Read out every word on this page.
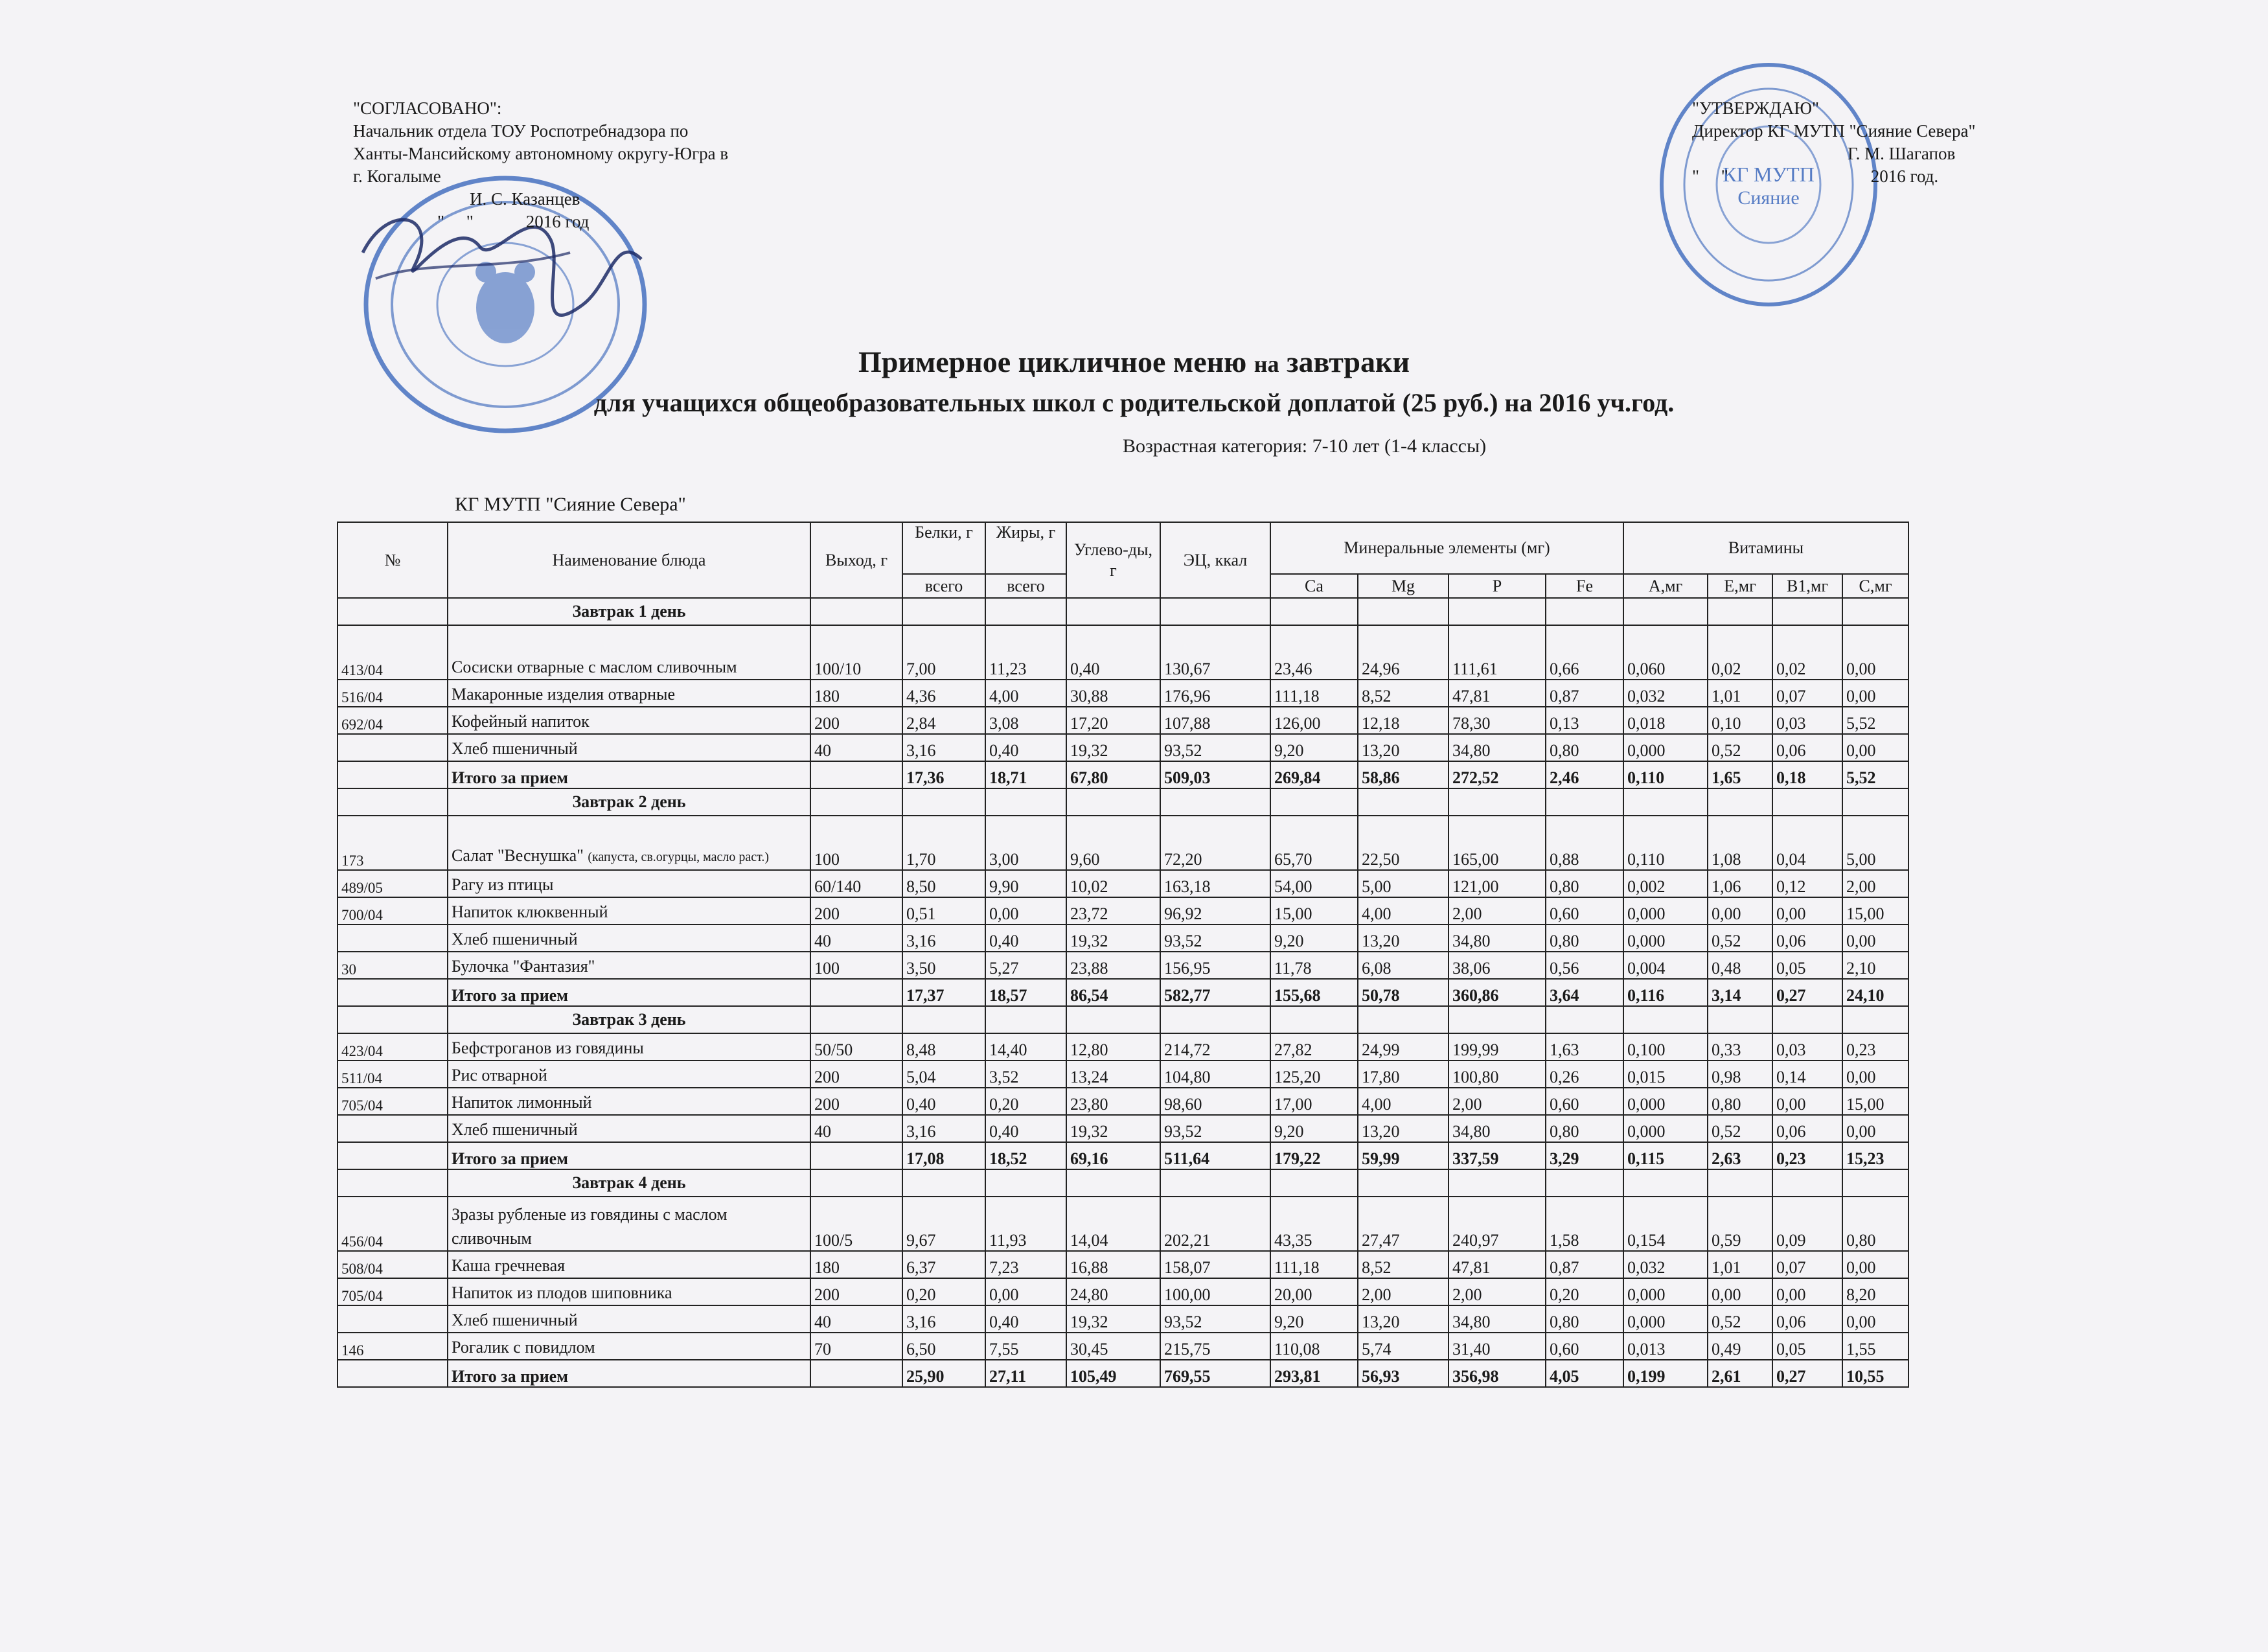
КГ МУТП
Сияние
"СОГЛАСОВАНО":
Начальник отдела ТОУ Роспотребнадзора по
Ханты-Мансийскому автономному округу-Югра в
г. Когалыме
И. С. Казанцев
"     "            2016 год
"УТВЕРЖДАЮ"
Директор КГ МУТП "Сияние Севера"
Г. М. Шагапов
"     "	2016 год.
Примерное цикличное меню на завтраки
для учащихся общеобразовательных школ с родительской доплатой (25 руб.) на 2016 уч.год.
Возрастная категория: 7-10 лет (1-4 классы)
КГ МУТП "Сияние Севера"
№	Наименование блюда	Выход, г	Белки, г	Жиры, г	Углево-ды, г	ЭЦ, ккал	Минеральные элементы (мг)				Витамины			
			всего	всего			Ca	Mg	P	Fe	A,мг	E,мг	B1,мг	C,мг
	Завтрак 1 день													
413/04	Сосиски отварные с маслом сливочным	100/10	7,00	11,23	0,40	130,67	23,46	24,96	111,61	0,66	0,060	0,02	0,02	0,00
516/04	Макаронные изделия отварные	180	4,36	4,00	30,88	176,96	111,18	8,52	47,81	0,87	0,032	1,01	0,07	0,00
692/04	Кофейный напиток	200	2,84	3,08	17,20	107,88	126,00	12,18	78,30	0,13	0,018	0,10	0,03	5,52
	Хлеб пшеничный	40	3,16	0,40	19,32	93,52	9,20	13,20	34,80	0,80	0,000	0,52	0,06	0,00
	Итого за прием		17,36	18,71	67,80	509,03	269,84	58,86	272,52	2,46	0,110	1,65	0,18	5,52
	Завтрак 2 день													
173	Салат "Веснушка" (капуста, св.огурцы, масло раст.)	100	1,70	3,00	9,60	72,20	65,70	22,50	165,00	0,88	0,110	1,08	0,04	5,00
489/05	Рагу из птицы	60/140	8,50	9,90	10,02	163,18	54,00	5,00	121,00	0,80	0,002	1,06	0,12	2,00
700/04	Напиток клюквенный	200	0,51	0,00	23,72	96,92	15,00	4,00	2,00	0,60	0,000	0,00	0,00	15,00
	Хлеб пшеничный	40	3,16	0,40	19,32	93,52	9,20	13,20	34,80	0,80	0,000	0,52	0,06	0,00
30	Булочка "Фантазия"	100	3,50	5,27	23,88	156,95	11,78	6,08	38,06	0,56	0,004	0,48	0,05	2,10
	Итого за прием		17,37	18,57	86,54	582,77	155,68	50,78	360,86	3,64	0,116	3,14	0,27	24,10
	Завтрак 3 день													
423/04	Бефстроганов из говядины	50/50	8,48	14,40	12,80	214,72	27,82	24,99	199,99	1,63	0,100	0,33	0,03	0,23
511/04	Рис отварной	200	5,04	3,52	13,24	104,80	125,20	17,80	100,80	0,26	0,015	0,98	0,14	0,00
705/04	Напиток лимонный	200	0,40	0,20	23,80	98,60	17,00	4,00	2,00	0,60	0,000	0,80	0,00	15,00
	Хлеб пшеничный	40	3,16	0,40	19,32	93,52	9,20	13,20	34,80	0,80	0,000	0,52	0,06	0,00
	Итого за прием		17,08	18,52	69,16	511,64	179,22	59,99	337,59	3,29	0,115	2,63	0,23	15,23
	Завтрак 4 день													
456/04	Зразы рубленые из говядины с маслом сливочным	100/5	9,67	11,93	14,04	202,21	43,35	27,47	240,97	1,58	0,154	0,59	0,09	0,80
508/04	Каша гречневая	180	6,37	7,23	16,88	158,07	111,18	8,52	47,81	0,87	0,032	1,01	0,07	0,00
705/04	Напиток из плодов шиповника	200	0,20	0,00	24,80	100,00	20,00	2,00	2,00	0,20	0,000	0,00	0,00	8,20
	Хлеб пшеничный	40	3,16	0,40	19,32	93,52	9,20	13,20	34,80	0,80	0,000	0,52	0,06	0,00
146	Рогалик с повидлом	70	6,50	7,55	30,45	215,75	110,08	5,74	31,40	0,60	0,013	0,49	0,05	1,55
	Итого за прием		25,90	27,11	105,49	769,55	293,81	56,93	356,98	4,05	0,199	2,61	0,27	10,55
